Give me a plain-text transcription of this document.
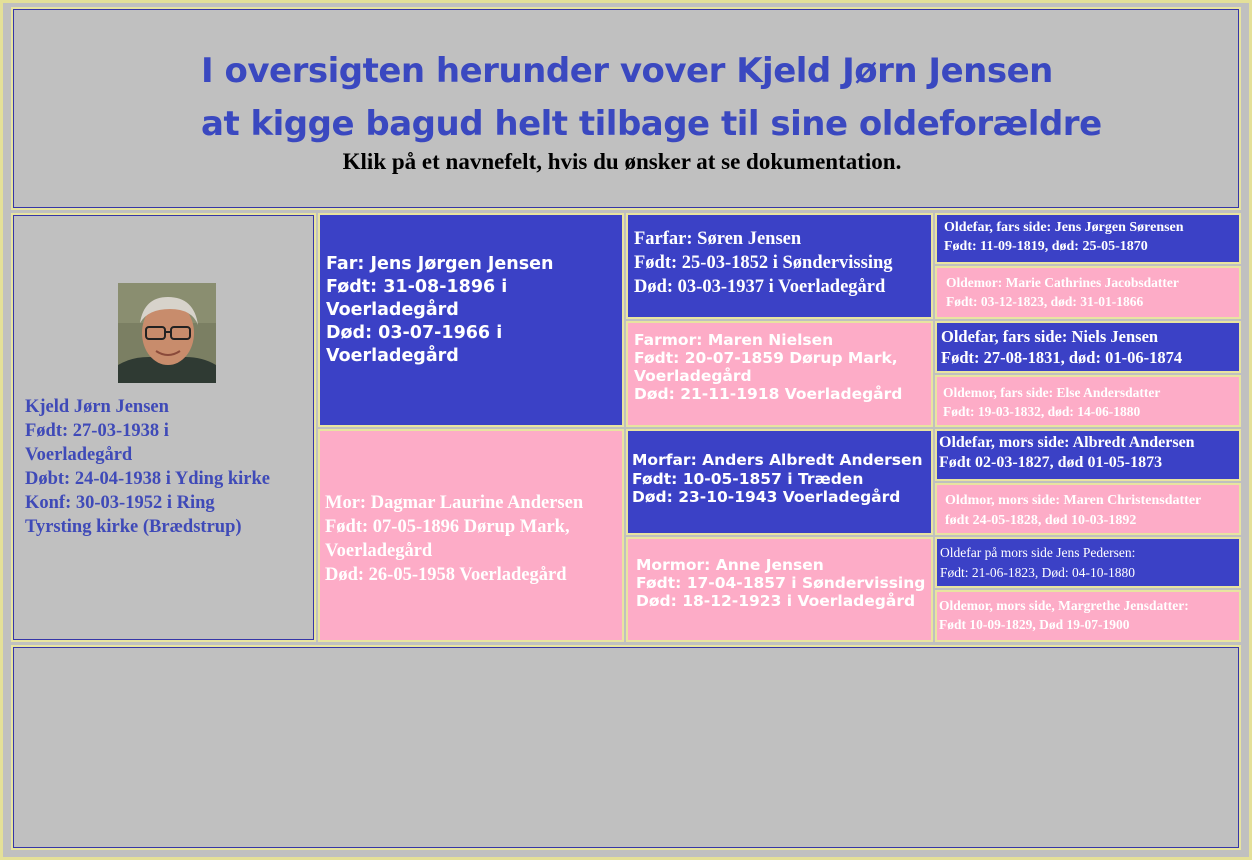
I oversigten herunder vover Kjeld Jørn Jensen
at kigge bagud helt tilbage til sine oldeforældre
Klik på et navnefelt, hvis du ønsker at se dokumentation.
Kjeld Jørn Jensen
Født: 27-03-1938 i
Voerladegård
Døbt: 24-04-1938 i Yding kirke
Konf: 30-03-1952 i Ring
Tyrsting kirke (Brædstrup)
Far: Jens Jørgen Jensen
Født: 31-08-1896 i
Voerladegård
Død: 03-07-1966 i
Voerladegård
Mor: Dagmar Laurine Andersen
Født: 07-05-1896 Dørup Mark,
Voerladegård
Død: 26-05-1958 Voerladegård
Farfar: Søren Jensen
Født: 25-03-1852 i Søndervissing
Død: 03-03-1937 i Voerladegård
Farmor: Maren Nielsen
Født: 20-07-1859 Dørup Mark,
Voerladegård
Død: 21-11-1918 Voerladegård
Morfar: Anders Albredt Andersen
Født: 10-05-1857 i Træden
Død: 23-10-1943 Voerladegård
Mormor: Anne Jensen
Født: 17-04-1857 i Søndervissing
Død: 18-12-1923 i Voerladegård
Oldefar, fars side: Jens Jørgen Sørensen
Født: 11-09-1819, død: 25-05-1870
Oldemor: Marie Cathrines Jacobsdatter
Født: 03-12-1823, død: 31-01-1866
Oldefar, fars side: Niels Jensen
Født: 27-08-1831, død: 01-06-1874
Oldemor, fars side: Else Andersdatter
Født: 19-03-1832, død: 14-06-1880
Oldefar, mors side: Albredt Andersen
Født 02-03-1827, død 01-05-1873
Oldmor, mors side: Maren Christensdatter
født 24-05-1828, død 10-03-1892
Oldefar på mors side Jens Pedersen:
Født: 21-06-1823, Død: 04-10-1880
Oldemor, mors side, Margrethe Jensdatter:
Født 10-09-1829, Død 19-07-1900
